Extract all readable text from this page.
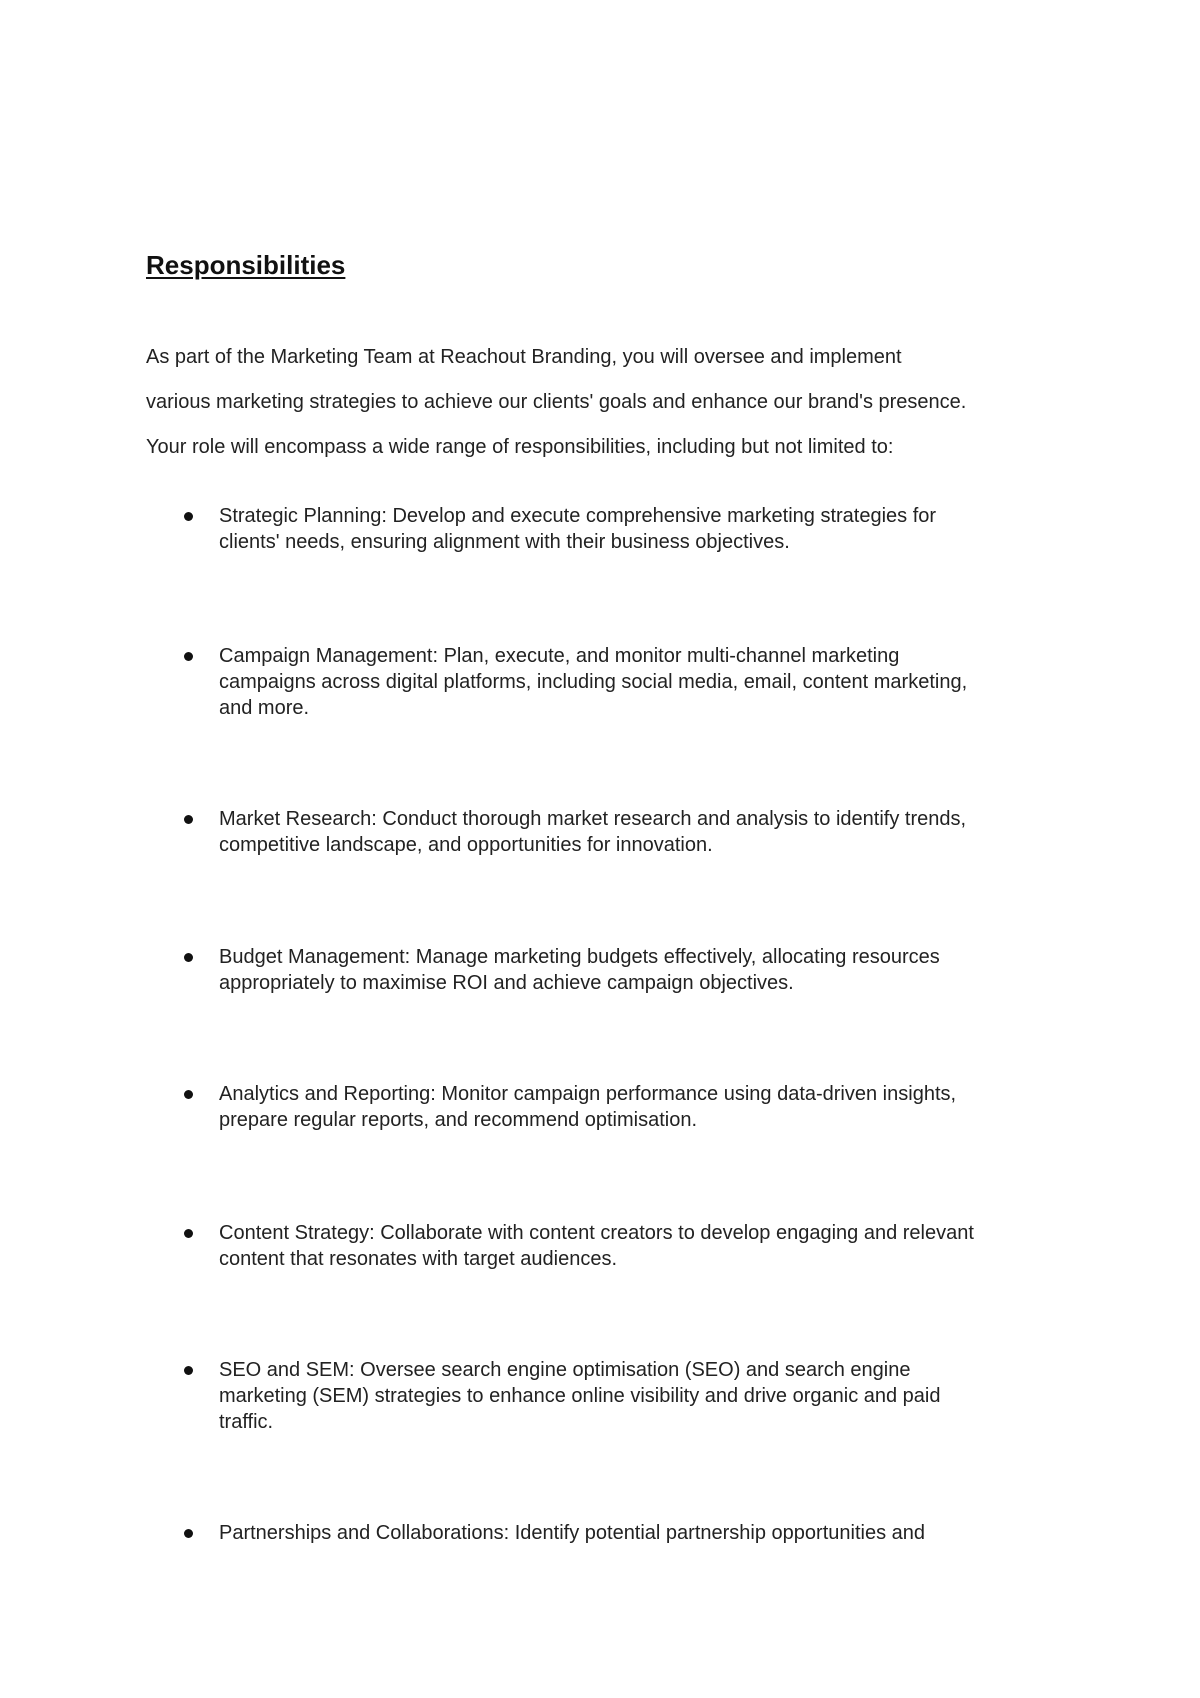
Responsibilities

As part of the Marketing Team at Reachout Branding, you will oversee and implement
various marketing strategies to achieve our clients' goals and enhance our brand's presence.
Your role will encompass a wide range of responsibilities, including but not limited to:

Strategic Planning: Develop and execute comprehensive marketing strategies for
clients' needs, ensuring alignment with their business objectives.
Campaign Management: Plan, execute, and monitor multi-channel marketing
campaigns across digital platforms, including social media, email, content marketing,
and more.
Market Research: Conduct thorough market research and analysis to identify trends,
competitive landscape, and opportunities for innovation.
Budget Management: Manage marketing budgets effectively, allocating resources
appropriately to maximise ROI and achieve campaign objectives.
Analytics and Reporting: Monitor campaign performance using data-driven insights,
prepare regular reports, and recommend optimisation.
Content Strategy: Collaborate with content creators to develop engaging and relevant
content that resonates with target audiences.
SEO and SEM: Oversee search engine optimisation (SEO) and search engine
marketing (SEM) strategies to enhance online visibility and drive organic and paid
traffic.
Partnerships and Collaborations: Identify potential partnership opportunities and
